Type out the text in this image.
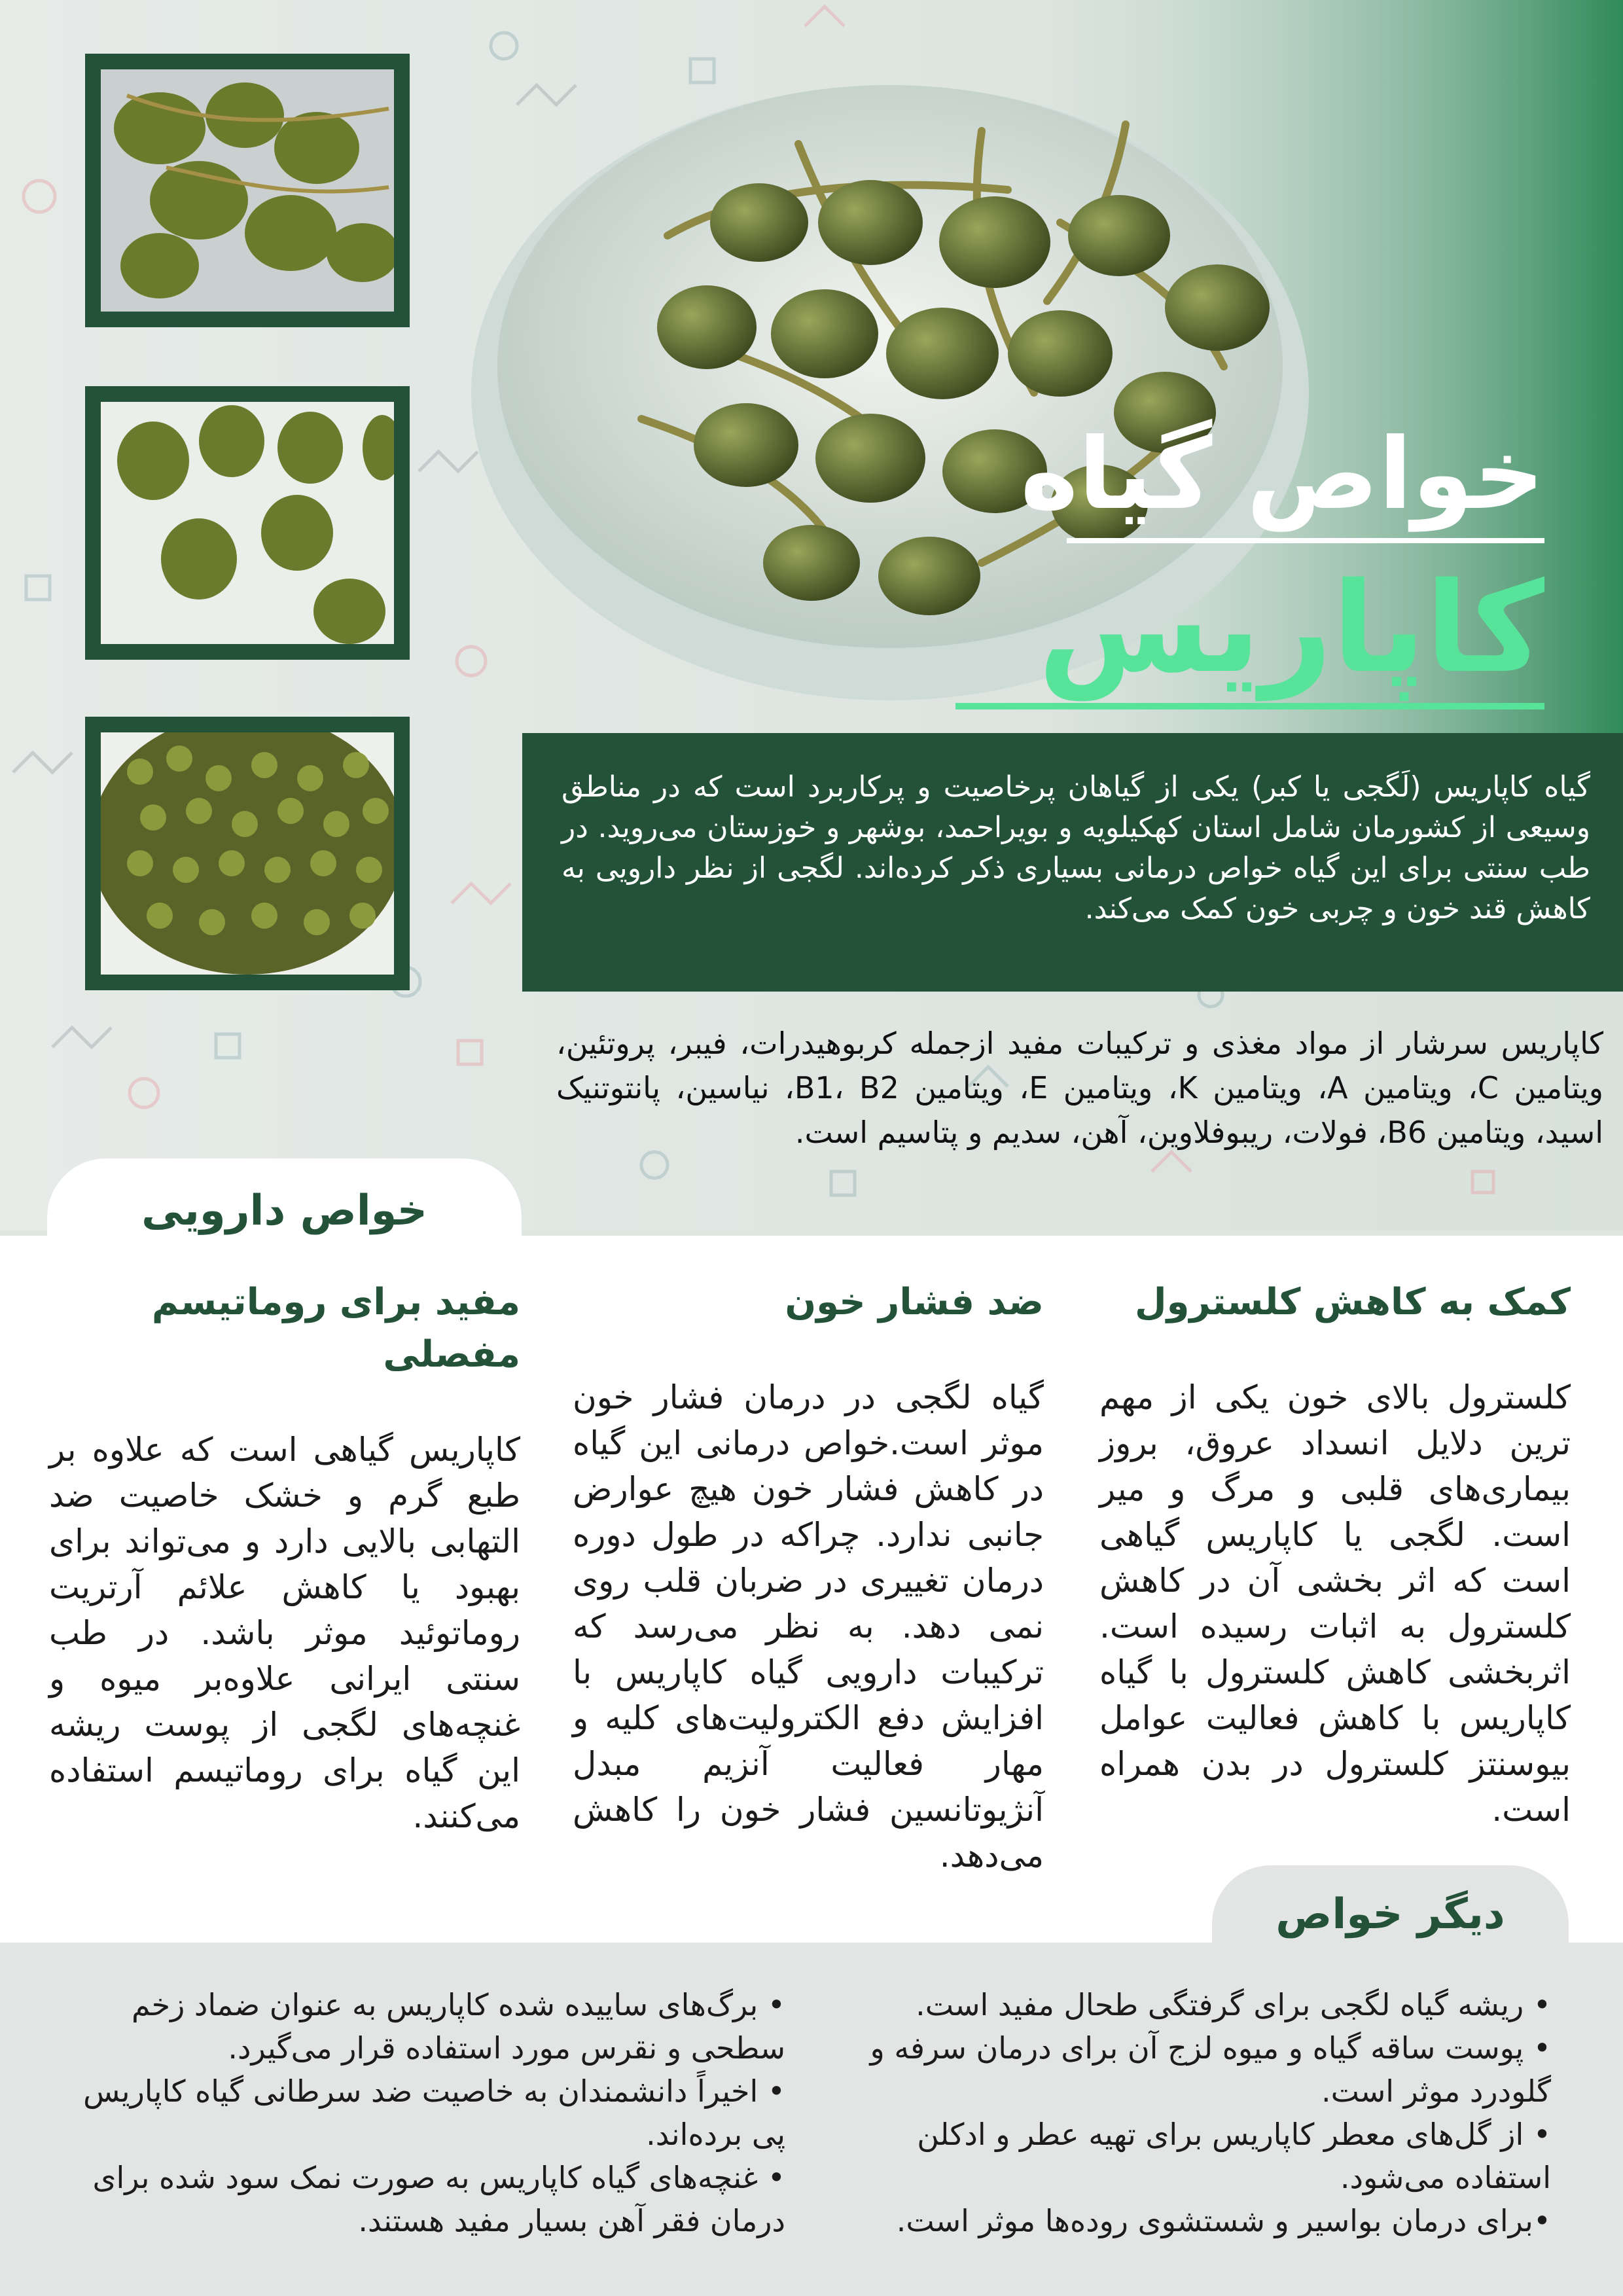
خواص گیاه
کاپاریس
گیاه کاپاریس (لَگجی یا کبر) یکی از گیاهان پرخاصیت و پرکاربرد است که در مناطق وسیعی از کشورمان شامل استان کهکیلویه و بویراحمد، بوشهر و خوزستان می‌روید. در طب سنتی برای این گیاه خواص درمانی بسیاری ذکر کرده‌اند. لگجی از نظر دارویی به کاهش قند خون و چربی خون کمک می‌کند.
کاپاریس سرشار از مواد مغذی و ترکیبات مفید ازجمله کربوهیدرات، فیبر، پروتئین، ویتامین C، ویتامین A، ویتامین K، ویتامین E، ویتامین B1، B2، نیاسین، پانتوتنیک اسید، ویتامین B6، فولات، ریبوفلاوین، آهن، سدیم و پتاسیم است.
خواص دارویی
کمک به کاهش کلسترول

کلسترول بالای خون یکی از مهم ترین دلایل انسداد عروق، بروز بیماری‌های قلبی و مرگ و میر است. لگجی یا کاپاریس گیاهی است که اثر بخشی آن در کاهش کلسترول به اثبات رسیده است. اثربخشی کاهش کلسترول با گیاه کاپاریس با کاهش فعالیت عوامل بیوسنتز کلسترول در بدن همراه است.

ضد فشار خون

گیاه لگجی در درمان فشار خون موثر است.خواص درمانی این گیاه در کاهش فشار خون هیچ عوارض جانبی ندارد. چراکه در طول دوره درمان تغییری در ضربان قلب روی نمی دهد. به نظر می‌رسد که ترکیبات دارویی گیاه کاپاریس با افزایش دفع الکترولیت‌های کلیه و مهار فعالیت آنزیم مبدل آنژیوتانسین فشار خون را کاهش می‌دهد.

مفید برای روماتیسم مفصلی

کاپاریس گیاهی است که علاوه بر طبع گرم و خشک خاصیت ضد التهابی بالایی دارد و می‌تواند برای بهبود یا کاهش علائم آرتریت روماتوئید موثر باشد. در طب سنتی ایرانی علاوه‌بر میوه و غنچه‌های لگجی از پوست ریشه این گیاه برای روماتیسم استفاده می‌کنند.

دیگر خواص
• ریشه گیاه لگجی برای گرفتگی طحال مفید است.
• پوست ساقه گیاه و میوه لزج آن برای درمان سرفه و گلودرد موثر است.
• از گل‌های معطر کاپاریس برای تهیه عطر و ادکلن استفاده می‌شود.
•برای درمان بواسیر و شستشوی روده‌ها موثر است.
• برگ‌های ساییده شده کاپاریس به عنوان ضماد زخم سطحی و نقرس مورد استفاده قرار می‌گیرد.
• اخیراً دانشمندان به خاصیت ضد سرطانی گیاه کاپاریس پی برده‌اند.
• غنچه‌های گیاه کاپاریس به صورت نمک سود شده برای درمان فقر آهن بسیار مفید هستند.
